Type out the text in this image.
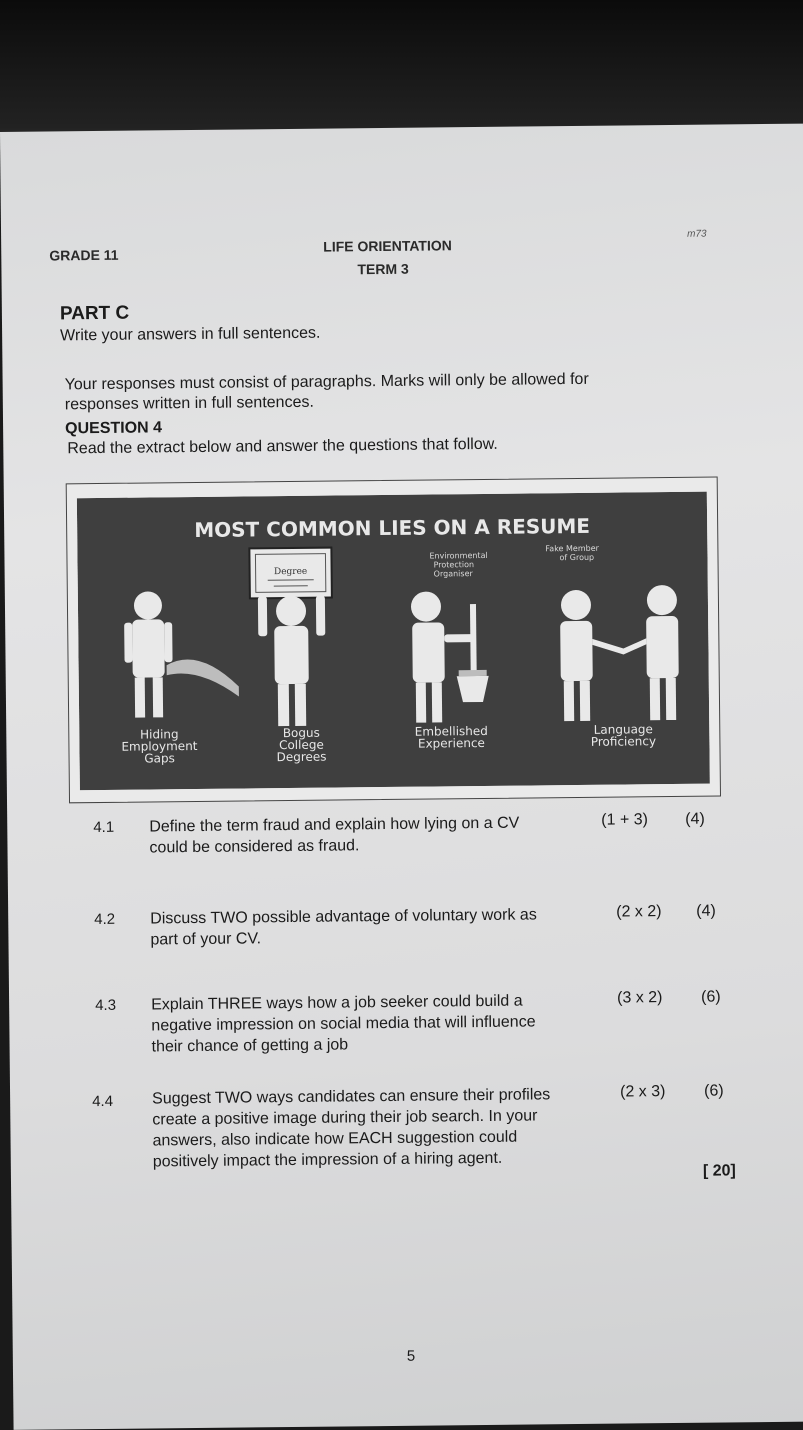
GRADE 11

LIFE ORIENTATION

TERM 3

m73

PART C

Write your answers in full sentences.

Your responses must consist of paragraphs. Marks will only be allowed for

responses written in full sentences.

QUESTION 4

Read the extract below and answer the questions that follow.

MOST COMMON LIES ON A RESUME
Degree
Environmental Protection Organiser
Fake Member of Group
Hiding
Employment
Gaps
Bogus
College
Degrees
Embellished
Experience
Language
Proficiency

4.1 Define the term fraud and explain how lying on a CV

could be considered as fraud.

(1 + 3) (4)

4.2 Discuss TWO possible advantage of voluntary work as

part of your CV.

(2 x 2) (4)

4.3 Explain THREE ways how a job seeker could build a

negative impression on social media that will influence

their chance of getting a job

(3 x 2) (6)

4.4 Suggest TWO ways candidates can ensure their profiles

create a positive image during their job search. In your

answers, also indicate how EACH suggestion could

positively impact the impression of a hiring agent.

(2 x 3) (6)

[ 20]

5
